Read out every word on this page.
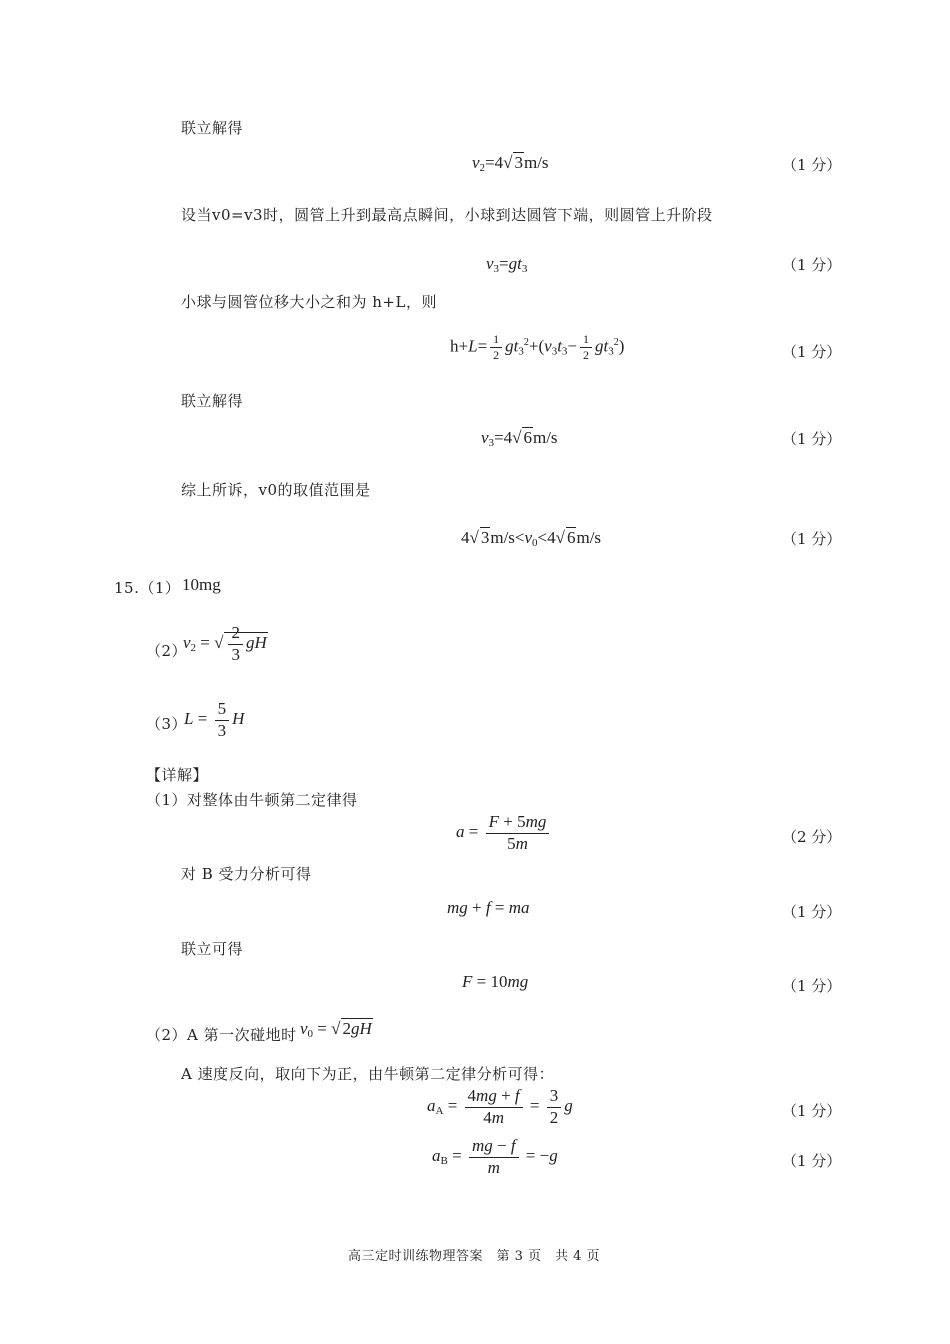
联立解得
$v_2=4√$ 3m/s	（1 分）
设当v0=v3时，圆管上升到最高点瞬间，小球到达圆管下端，则圆管上升阶段
$v_3=gt_3$	（1 分）
小球与圆管位移大小之和为 h+L，则
$h+L= \frac{1}{2} gt_3^2+(v_3t_3- \frac{1}{2} gt_3^2)$	（1 分）
联立解得
$v_3=4√$ 6m/s	（1 分）
综上所诉，v0的取值范围是
4√ $3m/s<v_0<4√$ 6m/s	（1 分）
15.（1） 10mg
（2）
$v_2$ = √ $\frac{2}{3}$ gH
（3）
$L = \frac{5}{3}$ H
【详解】
（1）对整体由牛顿第二定律得
$a = \frac{F + 5mg}{5m}$	（2 分）
对 B 受力分析可得
mg + f = ma	（1 分）
联立可得
F = 10mg	（1 分）
（2）A 第一次碰地时 $v_0$ = √ 2gH
A 速度反向，取向下为正，由牛顿第二定律分析可得：
$a_A = \frac{4mg + f}{4m} = \frac{3}{2}$ g	（1 分）
$a_B = \frac{mg - f}{m} = -g$	（1 分）
高三定时训练物理答案　第 3 页　共 4 页
